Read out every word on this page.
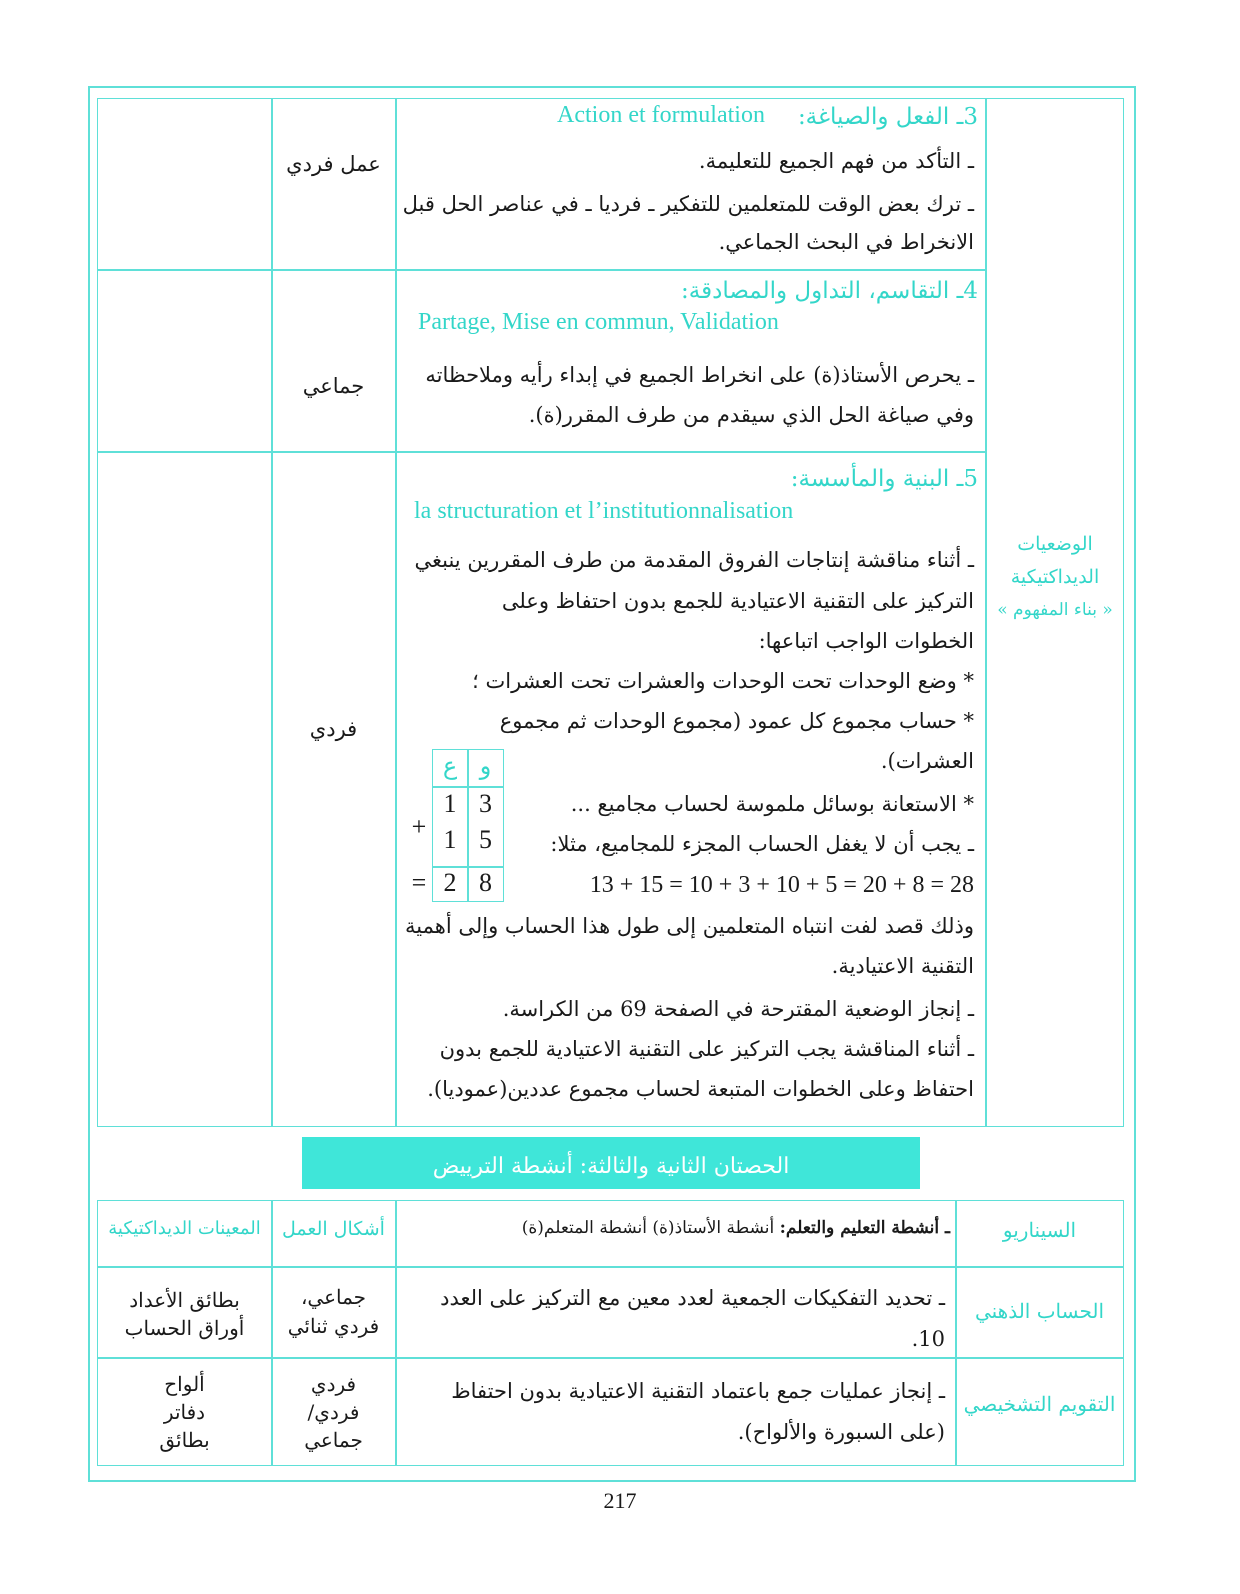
الوضعيات
الديداكتيكية
« بناء المفهوم »
3ـ الفعل والصياغة:
Action et formulation
ـ التأكد من فهم الجميع للتعليمة.
ـ ترك بعض الوقت للمتعلمين للتفكير ـ فرديا ـ في عناصر الحل قبل
الانخراط في البحث الجماعي.
عمل فردي
4ـ التقاسم، التداول والمصادقة:
Partage, Mise en commun, Validation
ـ يحرص الأستاذ(ة) على انخراط الجميع في إبداء رأيه وملاحظاته
وفي صياغة الحل الذي سيقدم من طرف المقرر(ة).
جماعي
5ـ البنية والمأسسة:
la structuration et l’institutionnalisation
ـ أثناء مناقشة إنتاجات الفروق المقدمة من طرف المقررين ينبغي
التركيز على التقنية الاعتيادية للجمع بدون احتفاظ وعلى
الخطوات الواجب اتباعها:
* وضع الوحدات تحت الوحدات والعشرات تحت العشرات ؛
* حساب مجموع كل عمود (مجموع الوحدات ثم مجموع
العشرات).
* الاستعانة بوسائل ملموسة لحساب مجاميع ...
ـ يجب أن لا يغفل الحساب المجزء للمجاميع، مثلا:
13 + 15 = 10 + 3 + 10 + 5 = 20 + 8 = 28
وذلك قصد لفت انتباه المتعلمين إلى طول هذا الحساب وإلى أهمية
التقنية الاعتيادية.
ـ إنجاز الوضعية المقترحة في الصفحة 69 من الكراسة.
ـ أثناء المناقشة يجب التركيز على التقنية الاعتيادية للجمع بدون
احتفاظ وعلى الخطوات المتبعة لحساب مجموع عددين(عموديا).
فردي
ع و
1 3
1 5
2 8
+
=
الحصتان الثانية والثالثة: أنشطة الترييض
السيناريو
ـ أنشطة التعليم والتعلم: أنشطة الأستاذ(ة) أنشطة المتعلم(ة)
أشكال العمل
المعينات الديداكتيكية
الحساب الذهني
ـ تحديد التفكيكات الجمعية لعدد معين مع التركيز على العدد
10.
جماعي،
فردي ثنائي
بطائق الأعداد
أوراق الحساب
التقويم التشخيصي
ـ إنجاز عمليات جمع باعتماد التقنية الاعتيادية بدون احتفاظ
(على السبورة والألواح).
فردي
فردي/
جماعي
ألواح
دفاتر
بطائق
217
